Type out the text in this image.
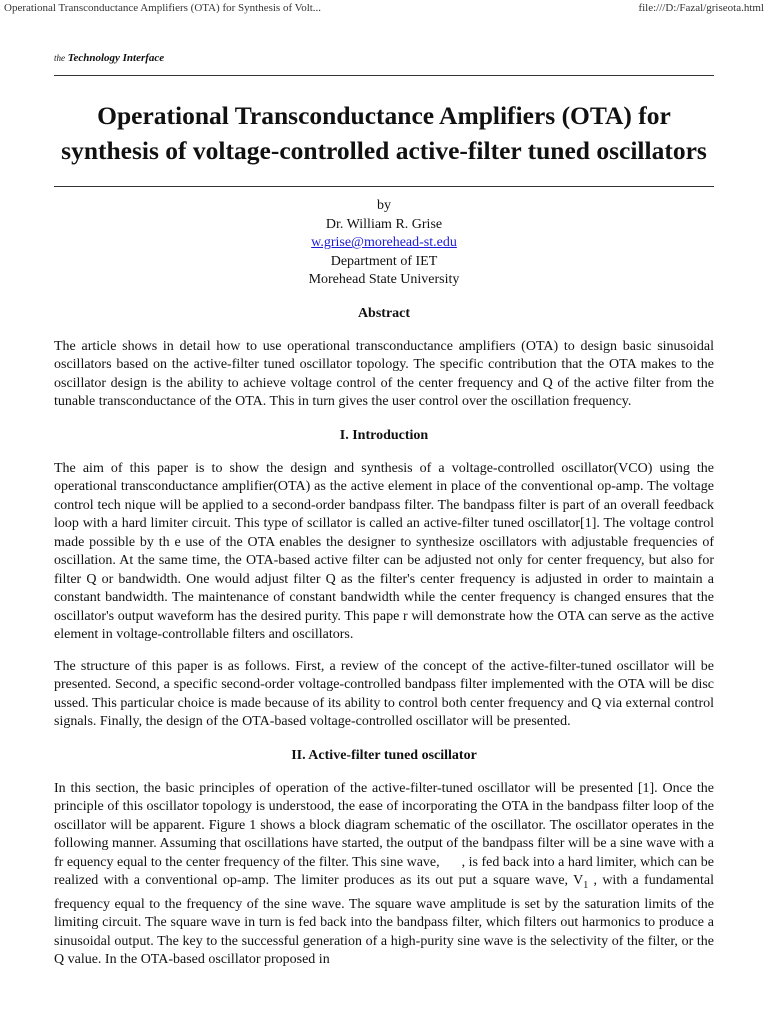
Operational Transconductance Amplifiers (OTA) for Synthesis of Volt...	file:///D:/Fazal/griseota.html
the Technology Interface
Operational Transconductance Amplifiers (OTA) for synthesis of voltage-controlled active-filter tuned oscillators
by
Dr. William R. Grise
w.grise@morehead-st.edu
Department of IET
Morehead State University
Abstract

The article shows in detail how to use operational transconductance amplifiers (OTA) to design basic sinusoidal oscillators based on the active-filter tuned oscillator topology. The specific contribution that the OTA makes to the oscillator design is the ability to achieve voltage control of the center frequency and Q of the active filter from the tunable transconductance of the OTA. This in turn gives the user control over the oscillation frequency.

I. Introduction

The aim of this paper is to show the design and synthesis of a voltage-controlled oscillator(VCO) using the operational transconductance amplifier(OTA) as the active element in place of the conventional op-amp. The voltage control tech nique will be applied to a second-order bandpass filter. The bandpass filter is part of an overall feedback loop with a hard limiter circuit. This type of scillator is called an active-filter tuned oscillator[1]. The voltage control made possible by th e use of the OTA enables the designer to synthesize oscillators with adjustable frequencies of oscillation. At the same time, the OTA-based active filter can be adjusted not only for center frequency, but also for filter Q or bandwidth. One would adjust filter Q as the filter's center frequency is adjusted in order to maintain a constant bandwidth. The maintenance of constant bandwidth while the center frequency is changed ensures that the oscillator's output waveform has the desired purity. This pape r will demonstrate how the OTA can serve as the active element in voltage-controllable filters and oscillators.

The structure of this paper is as follows. First, a review of the concept of the active-filter-tuned oscillator will be presented. Second, a specific second-order voltage-controlled bandpass filter implemented with the OTA will be disc ussed. This particular choice is made because of its ability to control both center frequency and Q via external control signals. Finally, the design of the OTA-based voltage-controlled oscillator will be presented.

II. Active-filter tuned oscillator

In this section, the basic principles of operation of the active-filter-tuned oscillator will be presented [1]. Once the principle of this oscillator topology is understood, the ease of incorporating the OTA in the bandpass filter loop of the oscillator will be apparent. Figure 1 shows a block diagram schematic of the oscillator. The oscillator operates in the following manner. Assuming that oscillations have started, the output of the bandpass filter will be a sine wave with a fr equency equal to the center frequency of the filter. This sine wave, , is fed back into a hard limiter, which can be realized with a conventional op-amp. The limiter produces as its out put a square wave, $V_1$ , with a fundamental frequency equal to the frequency of the sine wave. The square wave amplitude is set by the saturation limits of the limiting circuit. The square wave in turn is fed back into the bandpass filter, which filters out harmonics to produce a sinusoidal output. The key to the successful generation of a high-purity sine wave is the selectivity of the filter, or the Q value. In the OTA-based oscillator proposed in
